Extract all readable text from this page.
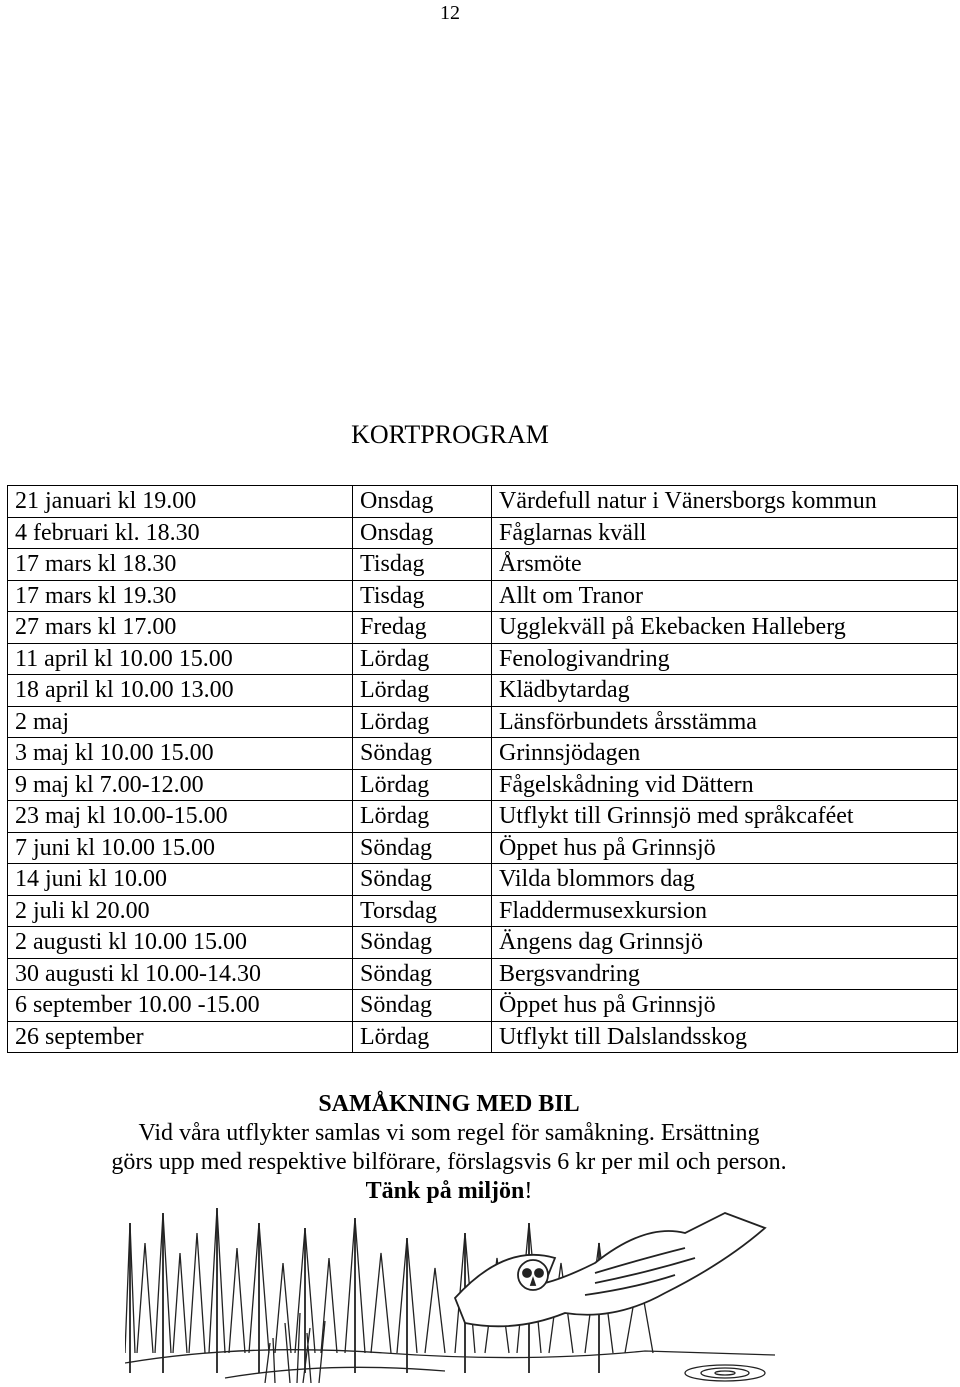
12
KORTPROGRAM
21 januari kl 19.00	Onsdag	Värdefull natur i Vänersborgs kommun
4 februari kl. 18.30	Onsdag	Fåglarnas kväll
17 mars kl 18.30	Tisdag	Årsmöte
17 mars kl 19.30	Tisdag	Allt om Tranor
27 mars kl 17.00	Fredag	Ugglekväll på Ekebacken Halleberg
11 april kl 10.00 15.00	Lördag	Fenologivandring
18 april kl 10.00 13.00	Lördag	Klädbytardag
2 maj	Lördag	Länsförbundets årsstämma
3 maj kl 10.00 15.00	Söndag	Grinnsjödagen
9 maj kl 7.00-12.00	Lördag	Fågelskådning vid Dättern
23 maj kl 10.00-15.00	Lördag	Utflykt till Grinnsjö med språkcaféet
7 juni kl 10.00 15.00	Söndag	Öppet hus på Grinnsjö
14 juni kl 10.00	Söndag	Vilda blommors dag
2 juli kl 20.00	Torsdag	Fladdermusexkursion
2 augusti kl 10.00 15.00	Söndag	Ängens dag Grinnsjö
30 augusti kl 10.00-14.30	Söndag	Bergsvandring
6 september 10.00 -15.00	Söndag	Öppet hus på Grinnsjö
26 september	Lördag	Utflykt till Dalslandsskog
SAMÅKNING MED BIL
Vid våra utflykter samlas vi som regel för samåkning. Ersättning
görs upp med respektive bilförare, förslagsvis 6 kr per mil och person.
Tänk på miljön!
